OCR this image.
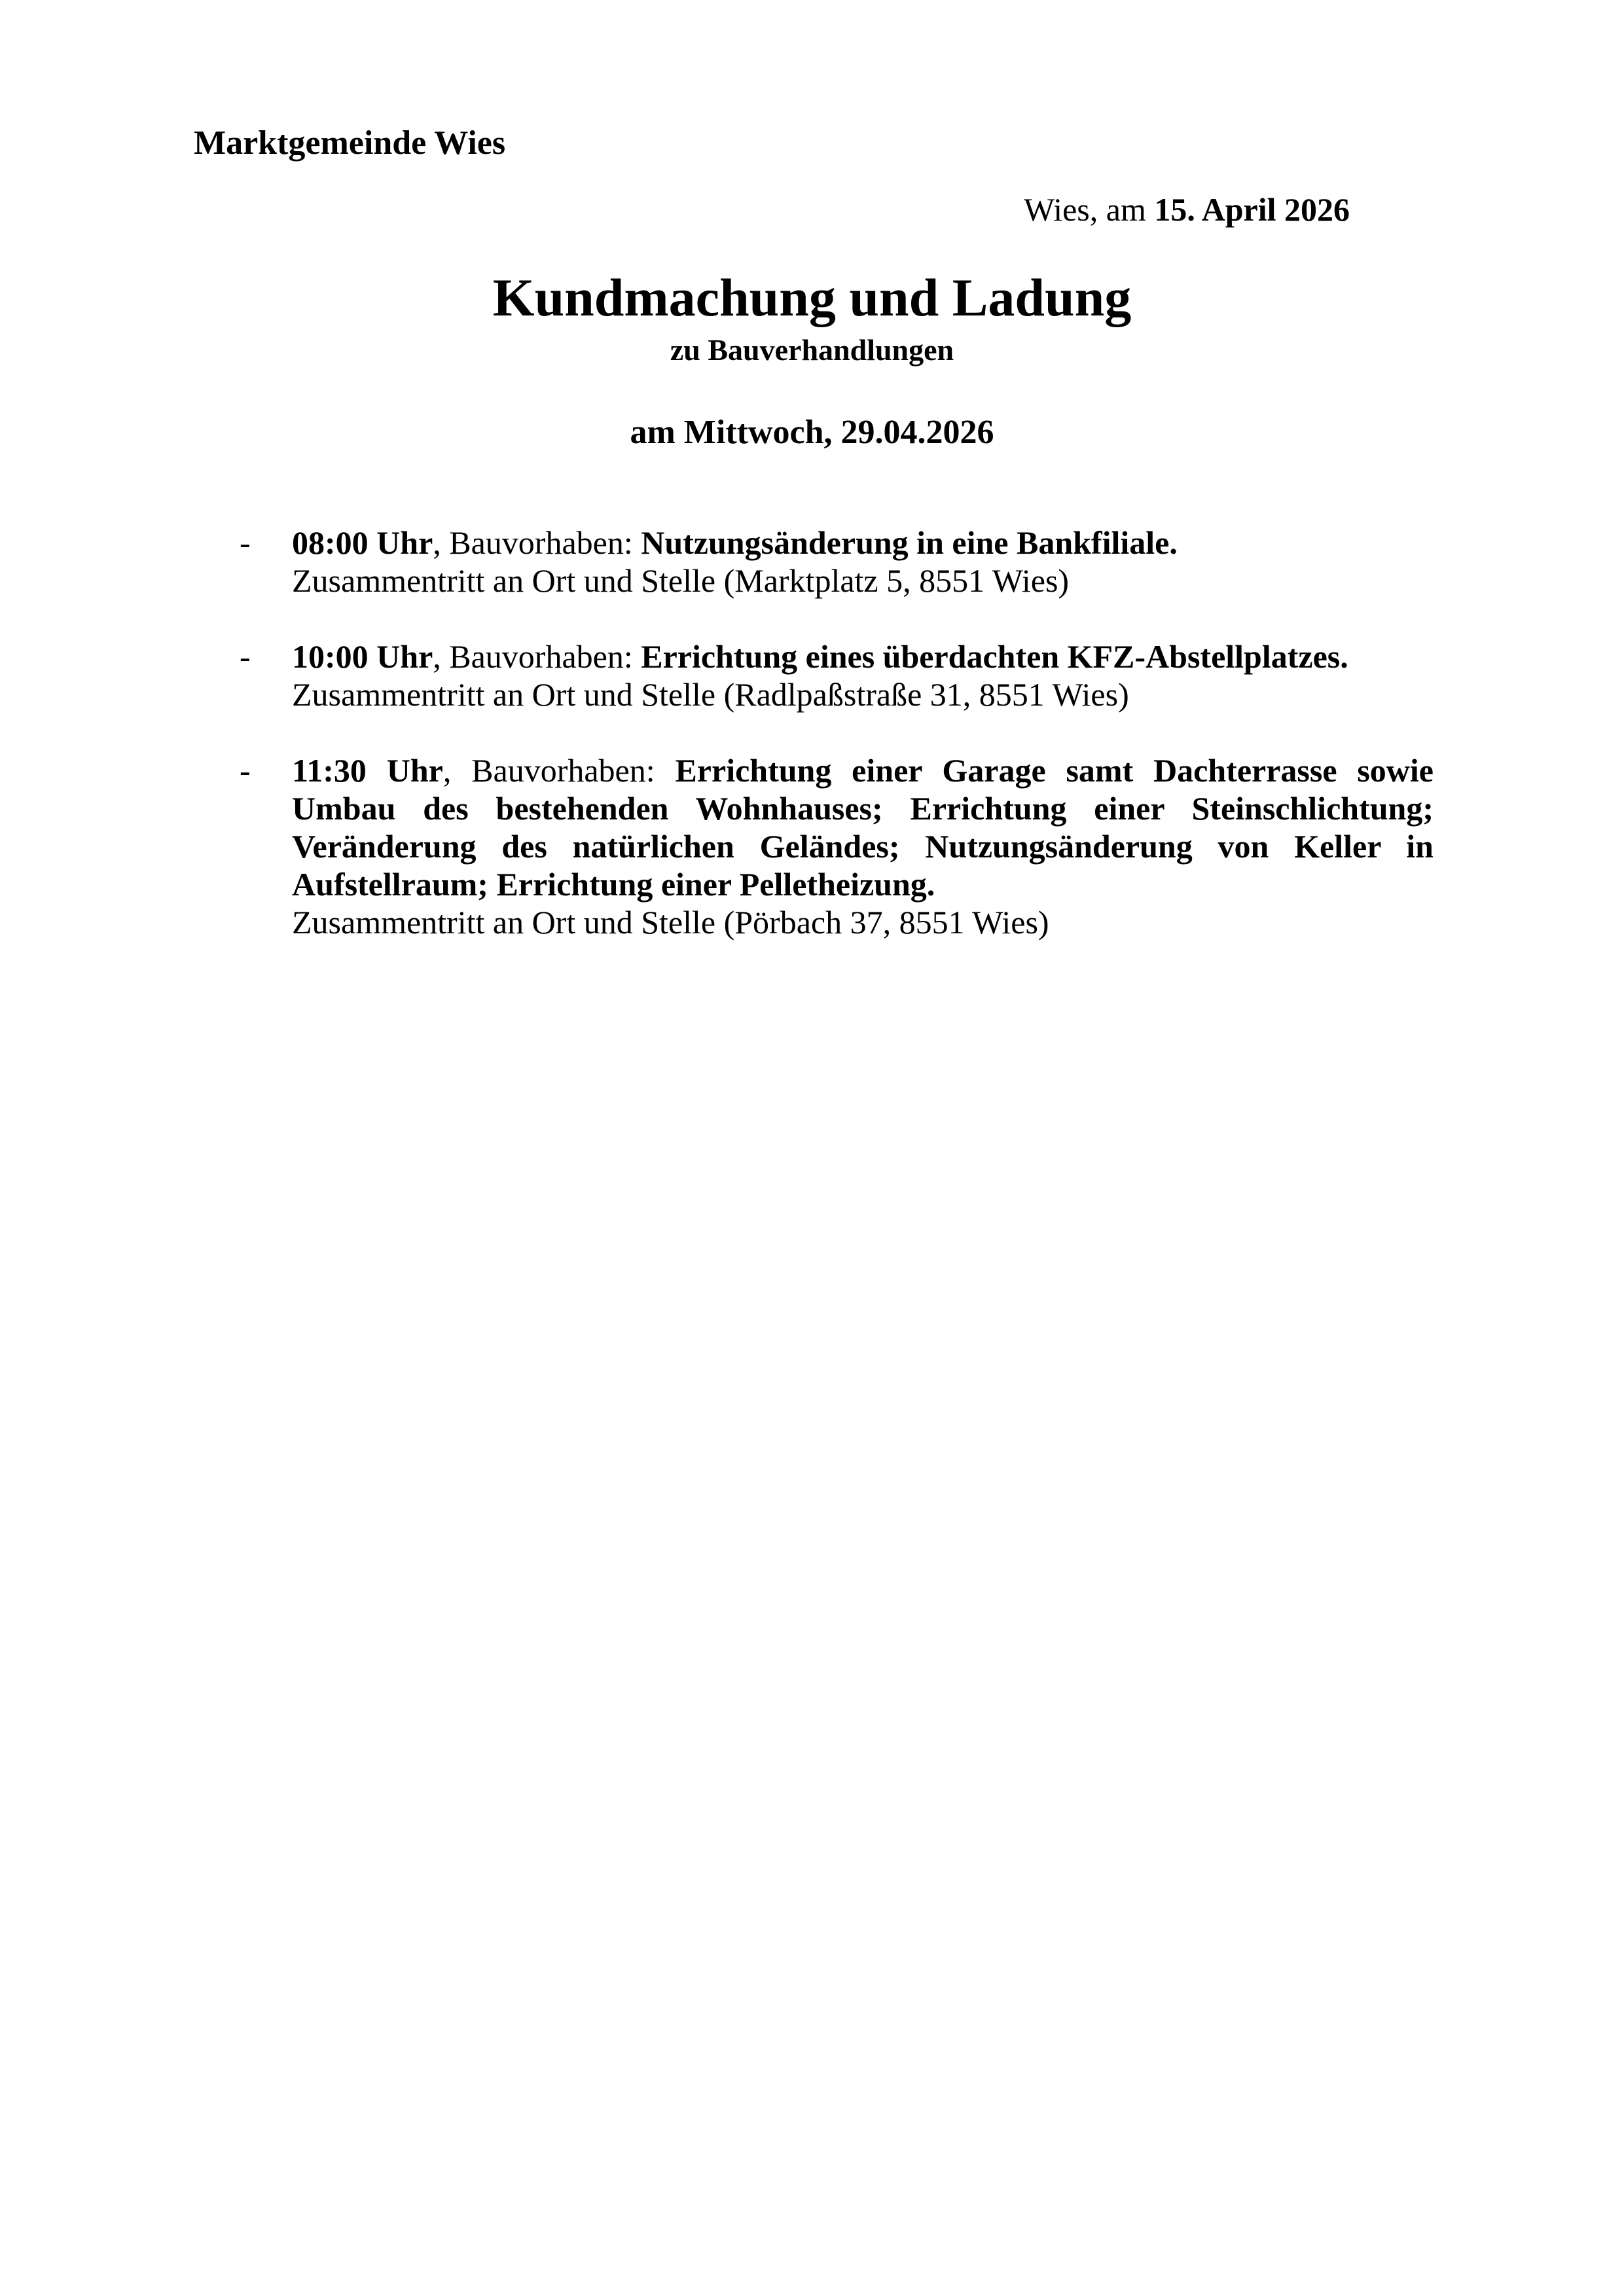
Marktgemeinde Wies
Wies, am 15. April 2026
Kundmachung und Ladung
zu Bauverhandlungen
am Mittwoch, 29.04.2026
- 08:00 Uhr, Bauvorhaben: Nutzungsänderung in eine Bankfiliale.
Zusammentritt an Ort und Stelle (Marktplatz 5, 8551 Wies)
- 10:00 Uhr, Bauvorhaben: Errichtung eines überdachten KFZ-Abstellplatzes.
Zusammentritt an Ort und Stelle (Radlpaßstraße 31, 8551 Wies)
- 11:30 Uhr, Bauvorhaben: Errichtung einer Garage samt Dachterrasse sowie Umbau des bestehenden Wohnhauses; Errichtung einer Steinschlichtung; Veränderung des natürlichen Geländes; Nutzungsänderung von Keller in Aufstellraum; Errichtung einer Pelletheizung.
Zusammentritt an Ort und Stelle (Pörbach 37, 8551 Wies)
